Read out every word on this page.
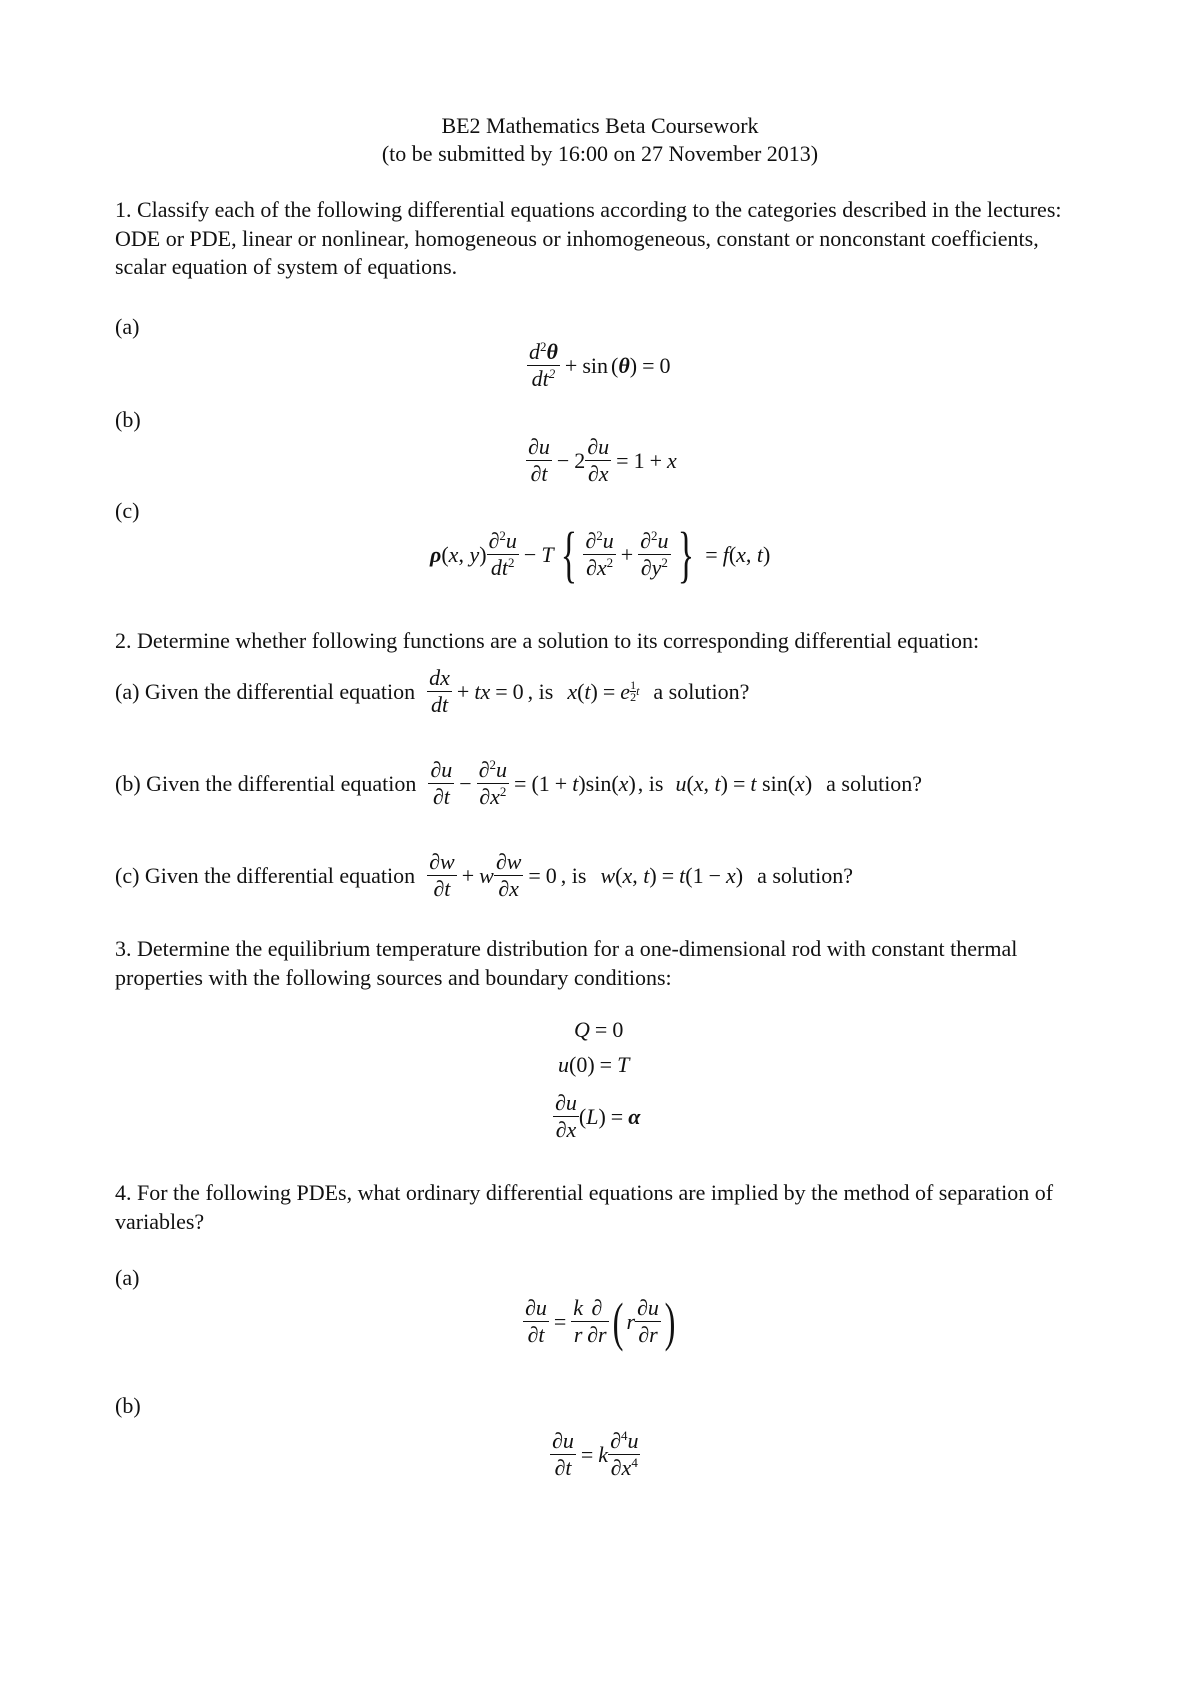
BE2 Mathematics Beta Coursework
(to be submitted by 16:00 on 27 November 2013)
1. Classify each of the following differential equations according to the categories described in the lectures: ODE or PDE, linear or nonlinear, homogeneous or inhomogeneous, constant or nonconstant coefficients, scalar equation of system of equations.
(a)
$\frac{d^2\theta}{dt^2} + \sin$ ( θ ) = 0
(b)
$\frac{\partial u}{\partial t} - 2 \frac{\partial u}{\partial x} = 1 + x$
(c)
ρ ( x , y ) $\frac{\partial^2u}{dt^2} - T$ { $\frac{\partial^2u}{\partial x^2} + \frac{\partial^2u}{\partial y^2}$ } = f ( x , t )
2. Determine whether following functions are a solution to its corresponding differential equation:
(a) Given the differential equation $\frac{dx}{dt}$ + tx = 0 , is x ( t ) = e 1
2 t a solution?
(b) Given the differential equation $\frac{\partial u}{\partial t} - \frac{\partial^2u}{\partial x^2} = (1 + t$ )sin( x ) , is u ( x , t ) = t sin( x ) a solution?
(c) Given the differential equation $\frac{\partial w}{\partial t} + w \frac{\partial w}{\partial x} = 0$ , is w ( x , t ) = t (1 − x ) a solution?
3. Determine the equilibrium temperature distribution for a one-dimensional rod with constant thermal properties with the following sources and boundary conditions:
Q = 0
u (0) = T
$\frac{\partial u}{\partial x}$ ( L ) = α
4. For the following PDEs, what ordinary differential equations are implied by the method of separation of variables?
(a)
$\frac{\partial u}{\partial t} = \frac{k}{r} \frac{\partial}{\partial r}$ ( r $\frac{\partial u}{\partial r}$ )
(b)
$\frac{\partial u}{\partial t} = k \frac{\partial^4u}{\partial x^4}$
